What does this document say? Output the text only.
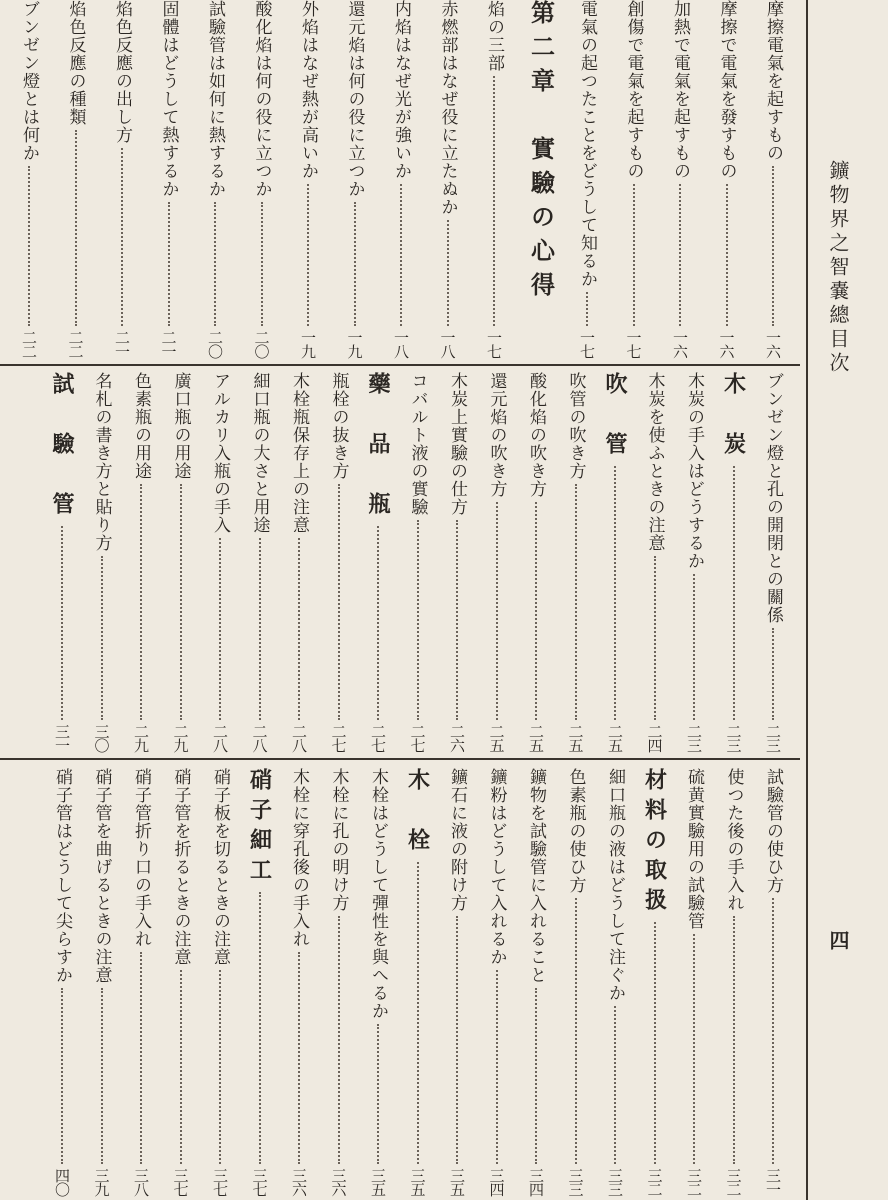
鑛物界之智嚢總目次
四
摩擦電氣を起すもの
一六
摩擦で電氣を發すもの
一六
加熱で電氣を起すもの
一六
創傷で電氣を起すもの
一七
電氣の起つたことをどうして知るか
一七
第二章　實驗の心得
焰の三部
一七
赤燃部はなぜ役に立たぬか
一八
内焰はなぜ光が強いか
一八
還元焰は何の役に立つか
一九
外焰はなぜ熱が高いか
一九
酸化焰は何の役に立つか
二〇
試驗管は如何に熱するか
二〇
固體はどうして熱するか
二一
焰色反應の出し方
二一
焰色反應の種類
二二
ブンゼン燈とは何か
二二
ブンゼン燈と孔の開閉との關係
二三
木　炭
二三
木炭の手入はどうするか
二三
木炭を使ふときの注意
二四
吹　管
二五
吹管の吹き方
二五
酸化焰の吹き方
二五
還元焰の吹き方
二五
木炭上實驗の仕方
二六
コバルト液の實驗
二七
藥　品　瓶
二七
瓶栓の抜き方
二七
木栓瓶保存上の注意
二八
細口瓶の大さと用途
二八
アルカリ入瓶の手入
二八
廣口瓶の用途
二九
色素瓶の用途
二九
名札の書き方と貼り方
三〇
試　驗　管
三一
試驗管の使ひ方
三一
使つた後の手入れ
三二
硫黄實驗用の試驗管
三二
材料の取扱
三二
細口瓶の液はどうして注ぐか
三三
色素瓶の使ひ方
三三
鑛物を試驗管に入れること
三四
鑛粉はどうして入れるか
三四
鑛石に液の附け方
三五
木　栓
三五
木栓はどうして彈性を與へるか
三五
木栓に孔の明け方
三六
木栓に穿孔後の手入れ
三六
硝子細工
三七
硝子板を切るときの注意
三七
硝子管を折るときの注意
三七
硝子管折り口の手入れ
三八
硝子管を曲げるときの注意
三九
硝子管はどうして尖らすか
四〇
